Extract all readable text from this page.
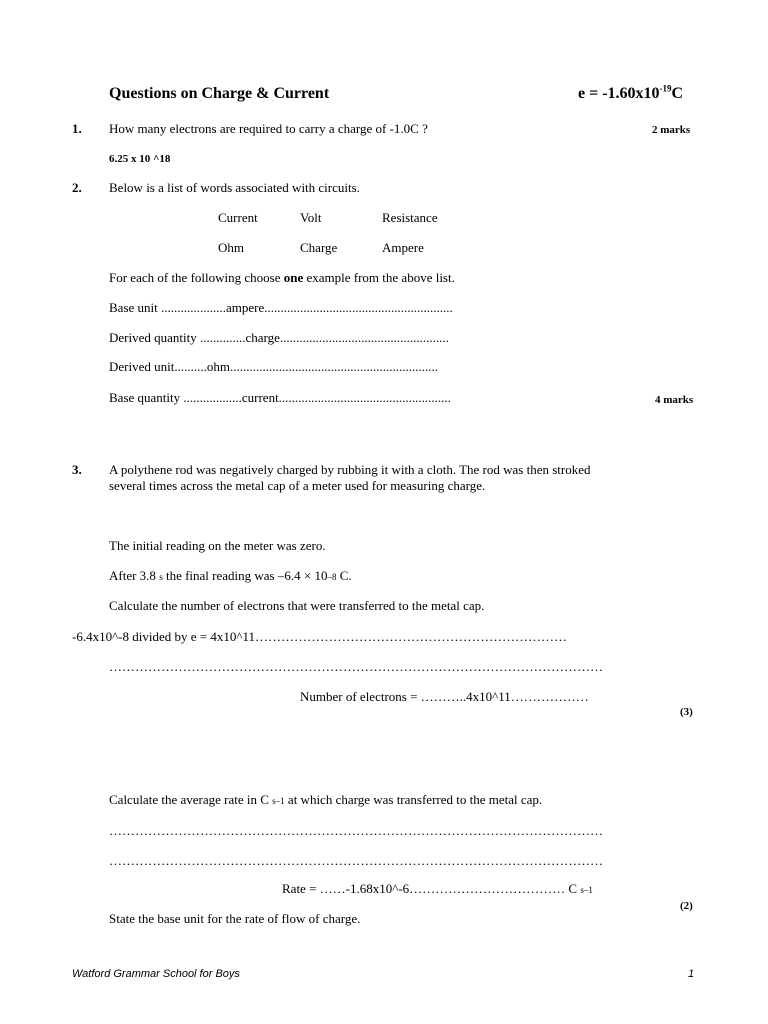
Questions on Charge & Current	$e = -1.60x10^{-19}C$
1. How many electrons are required to carry a charge of -1.0C ?	2 marks
6.25 x 10 ^18
2. Below is a list of words associated with circuits.
Current	Volt	Resistance
Ohm	Charge	Ampere
For each of the following choose one example from the above list.
Base unit ....................ampere..........................................................
Derived quantity ..............charge....................................................
Derived unit..........ohm................................................................
Base quantity ..................current.....................................................	4 marks
3. A polythene rod was negatively charged by rubbing it with a cloth. The rod was then stroked
several times across the metal cap of a meter used for measuring charge.
The initial reading on the meter was zero.
After 3.8 s the final reading was –6.4 × 10–8 C.
Calculate the number of electrons that were transferred to the metal cap.
-6.4x10^-8 divided by e = 4x10^11………………………………………………………………
……………………………………………………………………………………………………
Number of electrons = ………..4x10^11………………
(3)
Calculate the average rate in C s–1 at which charge was transferred to the metal cap.
……………………………………………………………………………………………………
……………………………………………………………………………………………………
Rate = ……-1.68x10^-6……………………………… C s–1
(2)
State the base unit for the rate of flow of charge.
Watford Grammar School for Boys	1
